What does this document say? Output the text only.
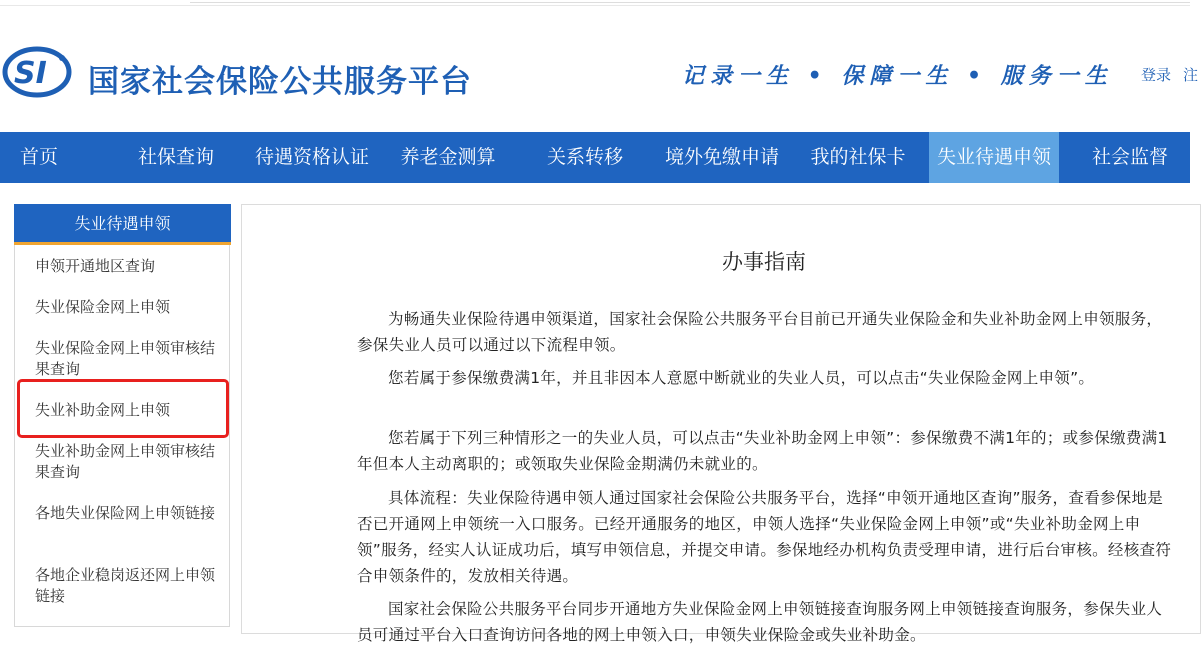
SI 国家社会保险公共服务平台	记录一生 • 保障一生 • 服务一生 登录 注
首页	社保查询	待遇资格认证	养老金测算	关系转移	境外免缴申请	我的社保卡	失业待遇申领	社会监督
失业待遇申领
申领开通地区查询
失业保险金网上申领
失业保险金网上申领审核结果查询
失业补助金网上申领
失业补助金网上申领审核结果查询
各地失业保险网上申领链接
各地企业稳岗返还网上申领链接
办事指南

为畅通失业保险待遇申领渠道，国家社会保险公共服务平台目前已开通失业保险金和失业补助金网上申领服务，参保失业人员可以通过以下流程申领。

您若属于参保缴费满1年，并且非因本人意愿中断就业的失业人员，可以点击“失业保险金网上申领”。

您若属于下列三种情形之一的失业人员，可以点击“失业补助金网上申领”：参保缴费不满1年的；或参保缴费满1年但本人主动离职的；或领取失业保险金期满仍未就业的。

具体流程：失业保险待遇申领人通过国家社会保险公共服务平台，选择“申领开通地区查询”服务，查看参保地是否已开通网上申领统一入口服务。已经开通服务的地区，申领人选择“失业保险金网上申领”或“失业补助金网上申领”服务，经实人认证成功后，填写申领信息，并提交申请。参保地经办机构负责受理申请，进行后台审核。经核查符合申领条件的，发放相关待遇。

国家社会保险公共服务平台同步开通地方失业保险金网上申领链接查询服务网上申领链接查询服务，参保失业人员可通过平台入口查询访问各地的网上申领入口，申领失业保险金或失业补助金。
